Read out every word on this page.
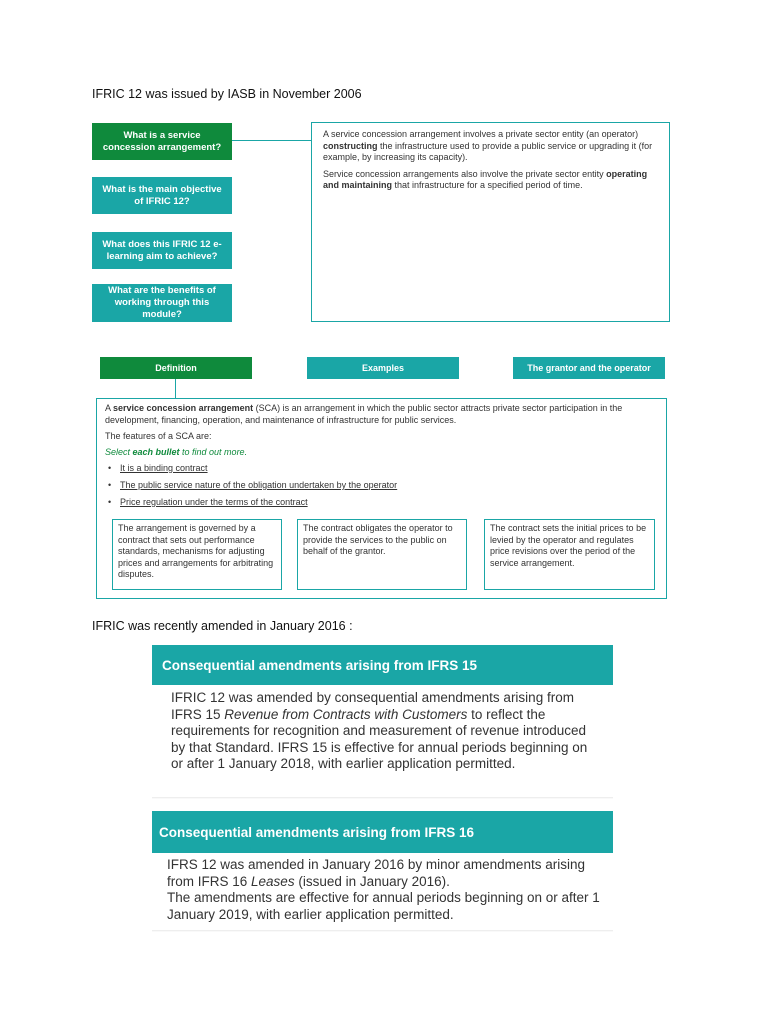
IFRIC 12 was issued by IASB in November 2006
What is a service concession arrangement?
What is the main objective of IFRIC 12?
What does this IFRIC 12 e-learning aim to achieve?
What are the benefits of working through this module?

A service concession arrangement involves a private sector entity (an operator) constructing the infrastructure used to provide a public service or upgrading it (for example, by increasing its capacity).

Service concession arrangements also involve the private sector entity operating and maintaining that infrastructure for a specified period of time.

Definition	Examples	The grantor and the operator

A service concession arrangement (SCA) is an arrangement in which the public sector attracts private sector participation in the development, financing, operation, and maintenance of infrastructure for public services.

The features of a SCA are:

Select each bullet to find out more.

• It is a binding contract
• The public service nature of the obligation undertaken by the operator
• Price regulation under the terms of the contract
The arrangement is governed by a contract that sets out performance standards, mechanisms for adjusting prices and arrangements for arbitrating disputes.
The contract obligates the operator to provide the services to the public on behalf of the grantor.
The contract sets the initial prices to be levied by the operator and regulates price revisions over the period of the service arrangement.
IFRIC was recently amended in January 2016 :
Consequential amendments arising from IFRS 15
IFRIC 12 was amended by consequential amendments arising from IFRS 15 Revenue from Contracts with Customers to reflect the requirements for recognition and measurement of revenue introduced by that Standard. IFRS 15 is effective for annual periods beginning on or after 1 January 2018, with earlier application permitted.
Consequential amendments arising from IFRS 16
IFRS 12 was amended in January 2016 by minor amendments arising from IFRS 16 Leases (issued in January 2016).
The amendments are effective for annual periods beginning on or after 1 January 2019, with earlier application permitted.
